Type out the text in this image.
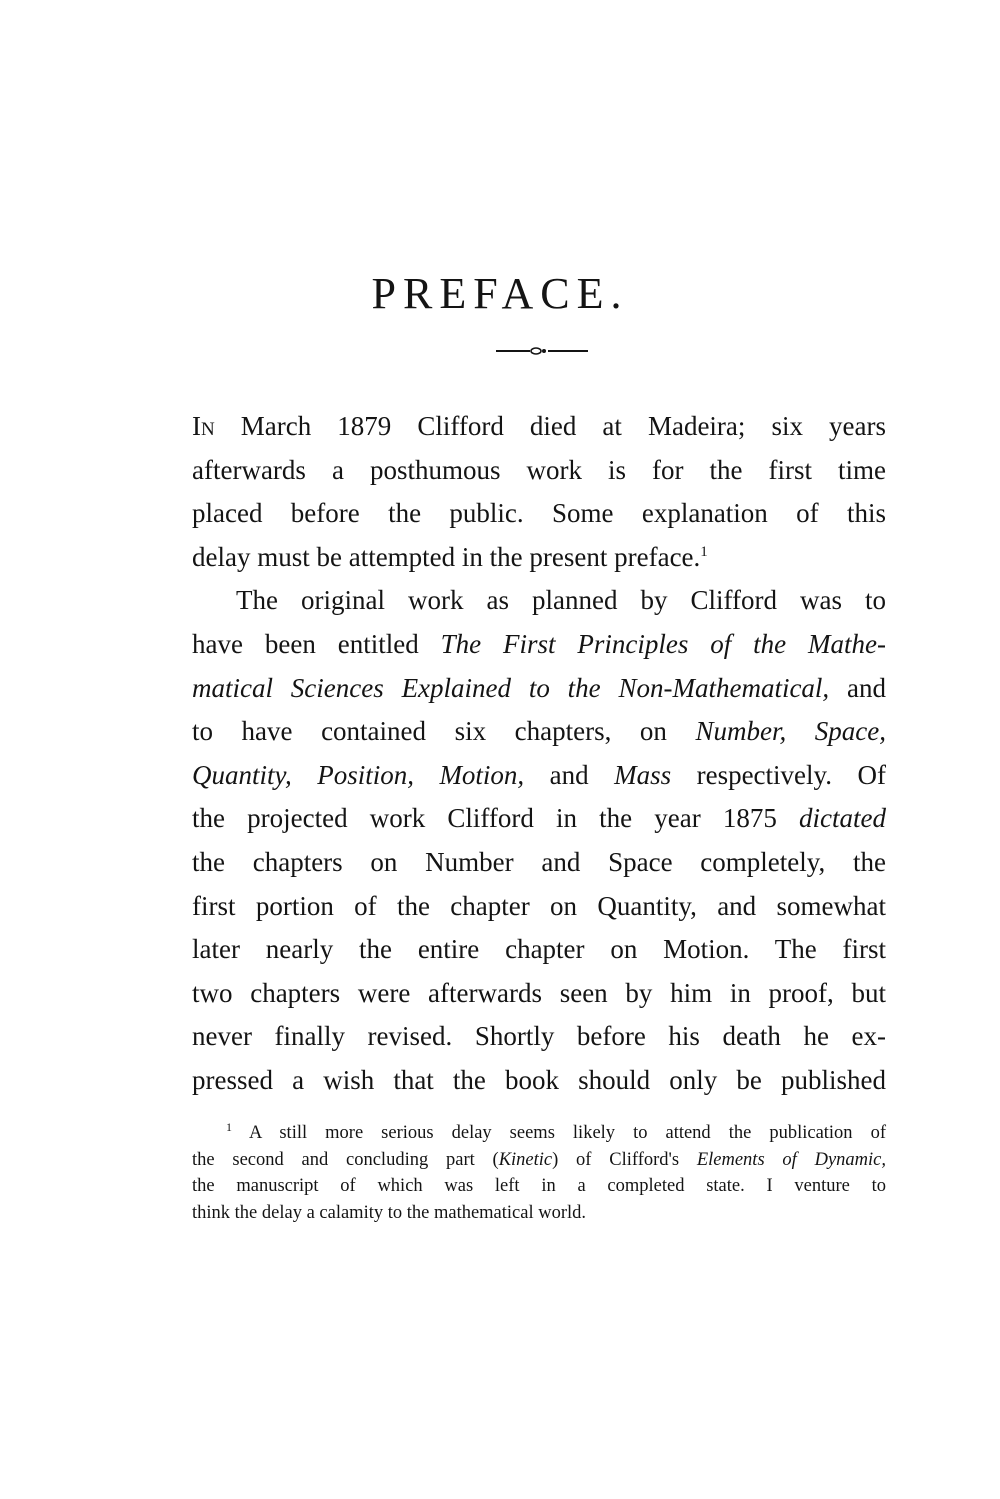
PREFACE.
In March 1879 Clifford died at Madeira; six years
afterwards a posthumous work is for the first time
placed before the public. Some explanation of this
delay must be attempted in the present preface.$^1$
The original work as planned by Clifford was to
have been entitled The First Principles of the Mathe-
matical Sciences Explained to the Non-Mathematical, and
to have contained six chapters, on Number, Space,
Quantity, Position, Motion, and Mass respectively. Of
the projected work Clifford in the year 1875 dictated
the chapters on Number and Space completely, the
first portion of the chapter on Quantity, and somewhat
later nearly the entire chapter on Motion. The first
two chapters were afterwards seen by him in proof, but
never finally revised. Shortly before his death he ex-
pressed a wish that the book should only be published
$^1$ A still more serious delay seems likely to attend the publication of
the second and concluding part (Kinetic) of Clifford's Elements of Dynamic,
the manuscript of which was left in a completed state. I venture to
think the delay a calamity to the mathematical world.
